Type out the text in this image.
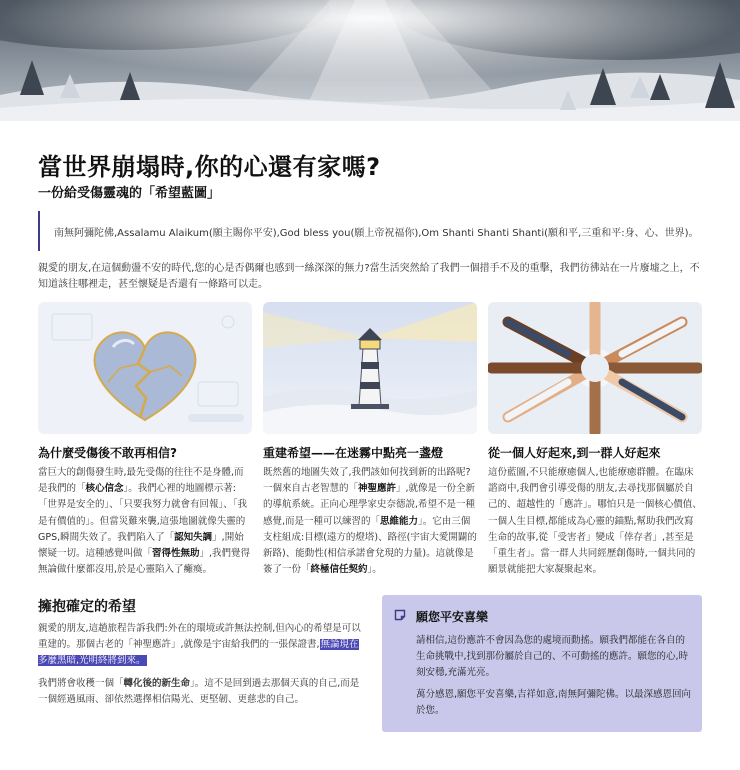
當世界崩塌時,你的心還有家嗎?
一份給受傷靈魂的「希望藍圖」
南無阿彌陀佛,Assalamu Alaikum(願主賜你平安),God bless you(願上帝祝福你),Om Shanti Shanti Shanti(願和平,三重和平:身、心、世界)。

親愛的朋友,在這個動盪不安的時代,您的心是否偶爾也感到一絲深深的無力?當生活突然給了我們一個措手不及的重擊，我們彷彿站在一片廢墟之上，不知道該往哪裡走，甚至懷疑是否還有一條路可以走。

為什麼受傷後不敢再相信?	重建希望——在迷霧中點亮一盞燈	從一個人好起來,到一群人好起來

當巨大的創傷發生時,最先受傷的往往不是身體,而是我們的「核心信念」。我們心裡的地圖標示著:「世界是安全的」、「只要我努力就會有回報」、「我是有價值的」。但當災難來襲,這張地圖就像失靈的GPS,瞬間失效了。我們陷入了「認知失調」,開始懷疑一切。這種感覺叫做「習得性無助」,我們覺得無論做什麼都沒用,於是心靈陷入了癱瘓。

既然舊的地圖失效了,我們該如何找到新的出路呢?一個來自古老智慧的「神聖應許」,就像是一份全新的導航系統。正向心理學家史奈德說,希望不是一種感覺,而是一種可以練習的「思維能力」。它由三個支柱組成:目標(遠方的燈塔)、路徑(宇宙大愛開闢的新路)、能動性(相信承諾會兌現的力量)。這就像是簽了一份「終極信任契約」。

這份藍圖,不只能療癒個人,也能療癒群體。在臨床諮商中,我們會引導受傷的朋友,去尋找那個屬於自己的、超越性的「應許」。哪怕只是一個核心價值、一個人生目標,都能成為心靈的錨點,幫助我們改寫生命的故事,從「受害者」變成「倖存者」,甚至是「重生者」。當一群人共同經歷創傷時,一個共同的願景就能把大家凝聚起來。

擁抱確定的希望

親愛的朋友,這趟旅程告訴我們:外在的環境或許無法控制,但內心的希望是可以重建的。那個古老的「神聖應許」,就像是宇宙給我們的一張保證書,無論現在多麼黑暗,光明終將到來。

我們將會收穫一個「轉化後的新生命」。這不是回到過去那個天真的自己,而是一個經過風雨、卻依然選擇相信陽光、更堅韌、更慈悲的自己。

願您平安喜樂

請相信,這份應許不會因為您的處境而動搖。願我們都能在各自的生命挑戰中,找到那份屬於自己的、不可動搖的應許。願您的心,時刻安穩,充滿光亮。

萬分感恩,願您平安喜樂,吉祥如意,南無阿彌陀佛。以最深感恩回向於您。
